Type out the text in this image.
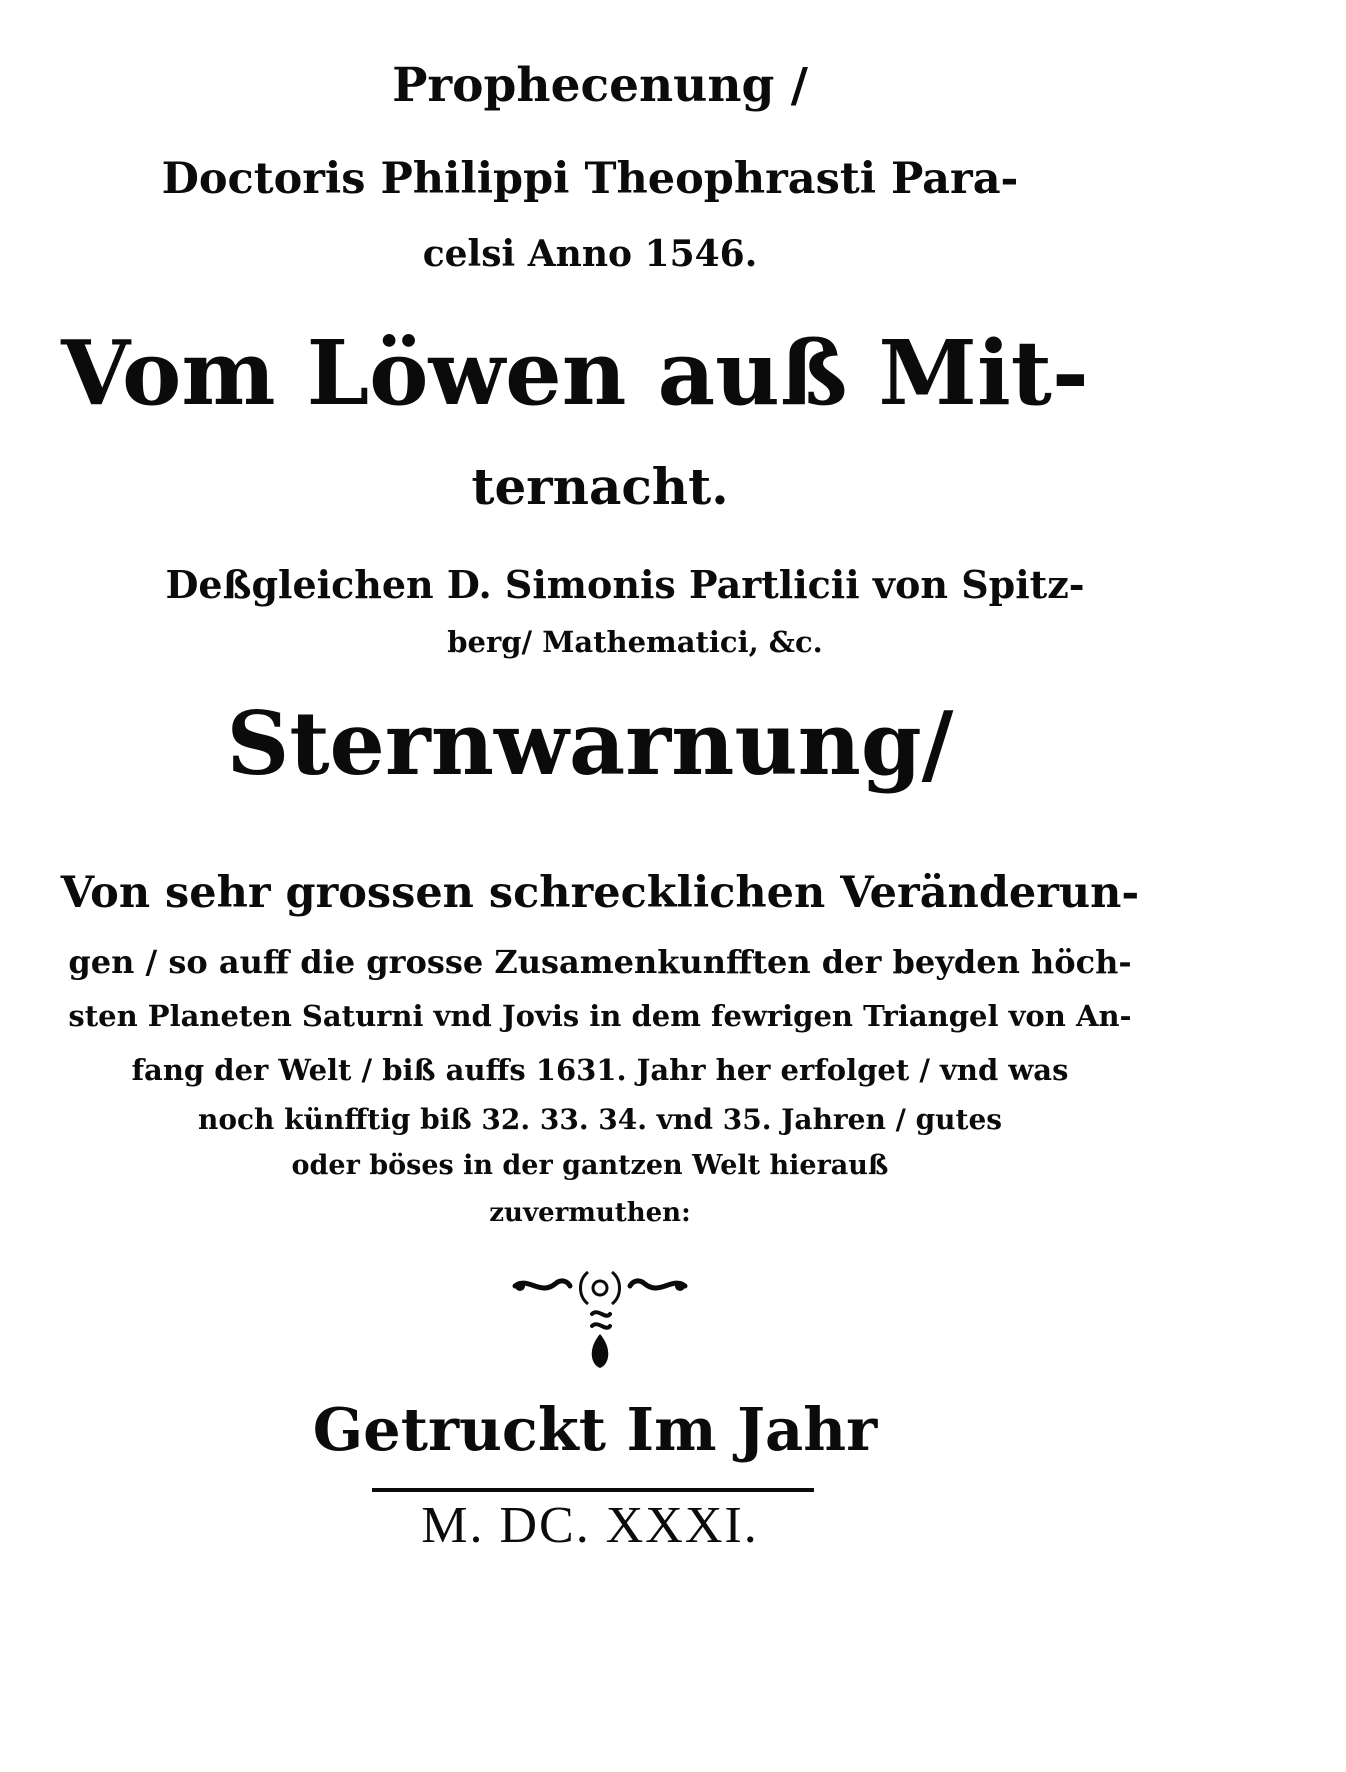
Prophecenung /
Doctoris Philippi Theophrasti Para-
celsi Anno 1546.
Vom Löwen auß Mit-
ternacht.
Deßgleichen D. Simonis Partlicii von Spitz-
berg/ Mathematici, &c.
Sternwarnung/
Von sehr grossen schrecklichen Veränderun-
gen / so auff die grosse Zusamenkunfften der beyden höch-
sten Planeten Saturni vnd Jovis in dem fewrigen Triangel von An-
fang der Welt / biß auffs 1631. Jahr her erfolget / vnd was
noch künfftig biß 32. 33. 34. vnd 35. Jahren / gutes
oder böses in der gantzen Welt hierauß
zuvermuthen:
Getruckt Im Jahr
M. DC. XXXI.
